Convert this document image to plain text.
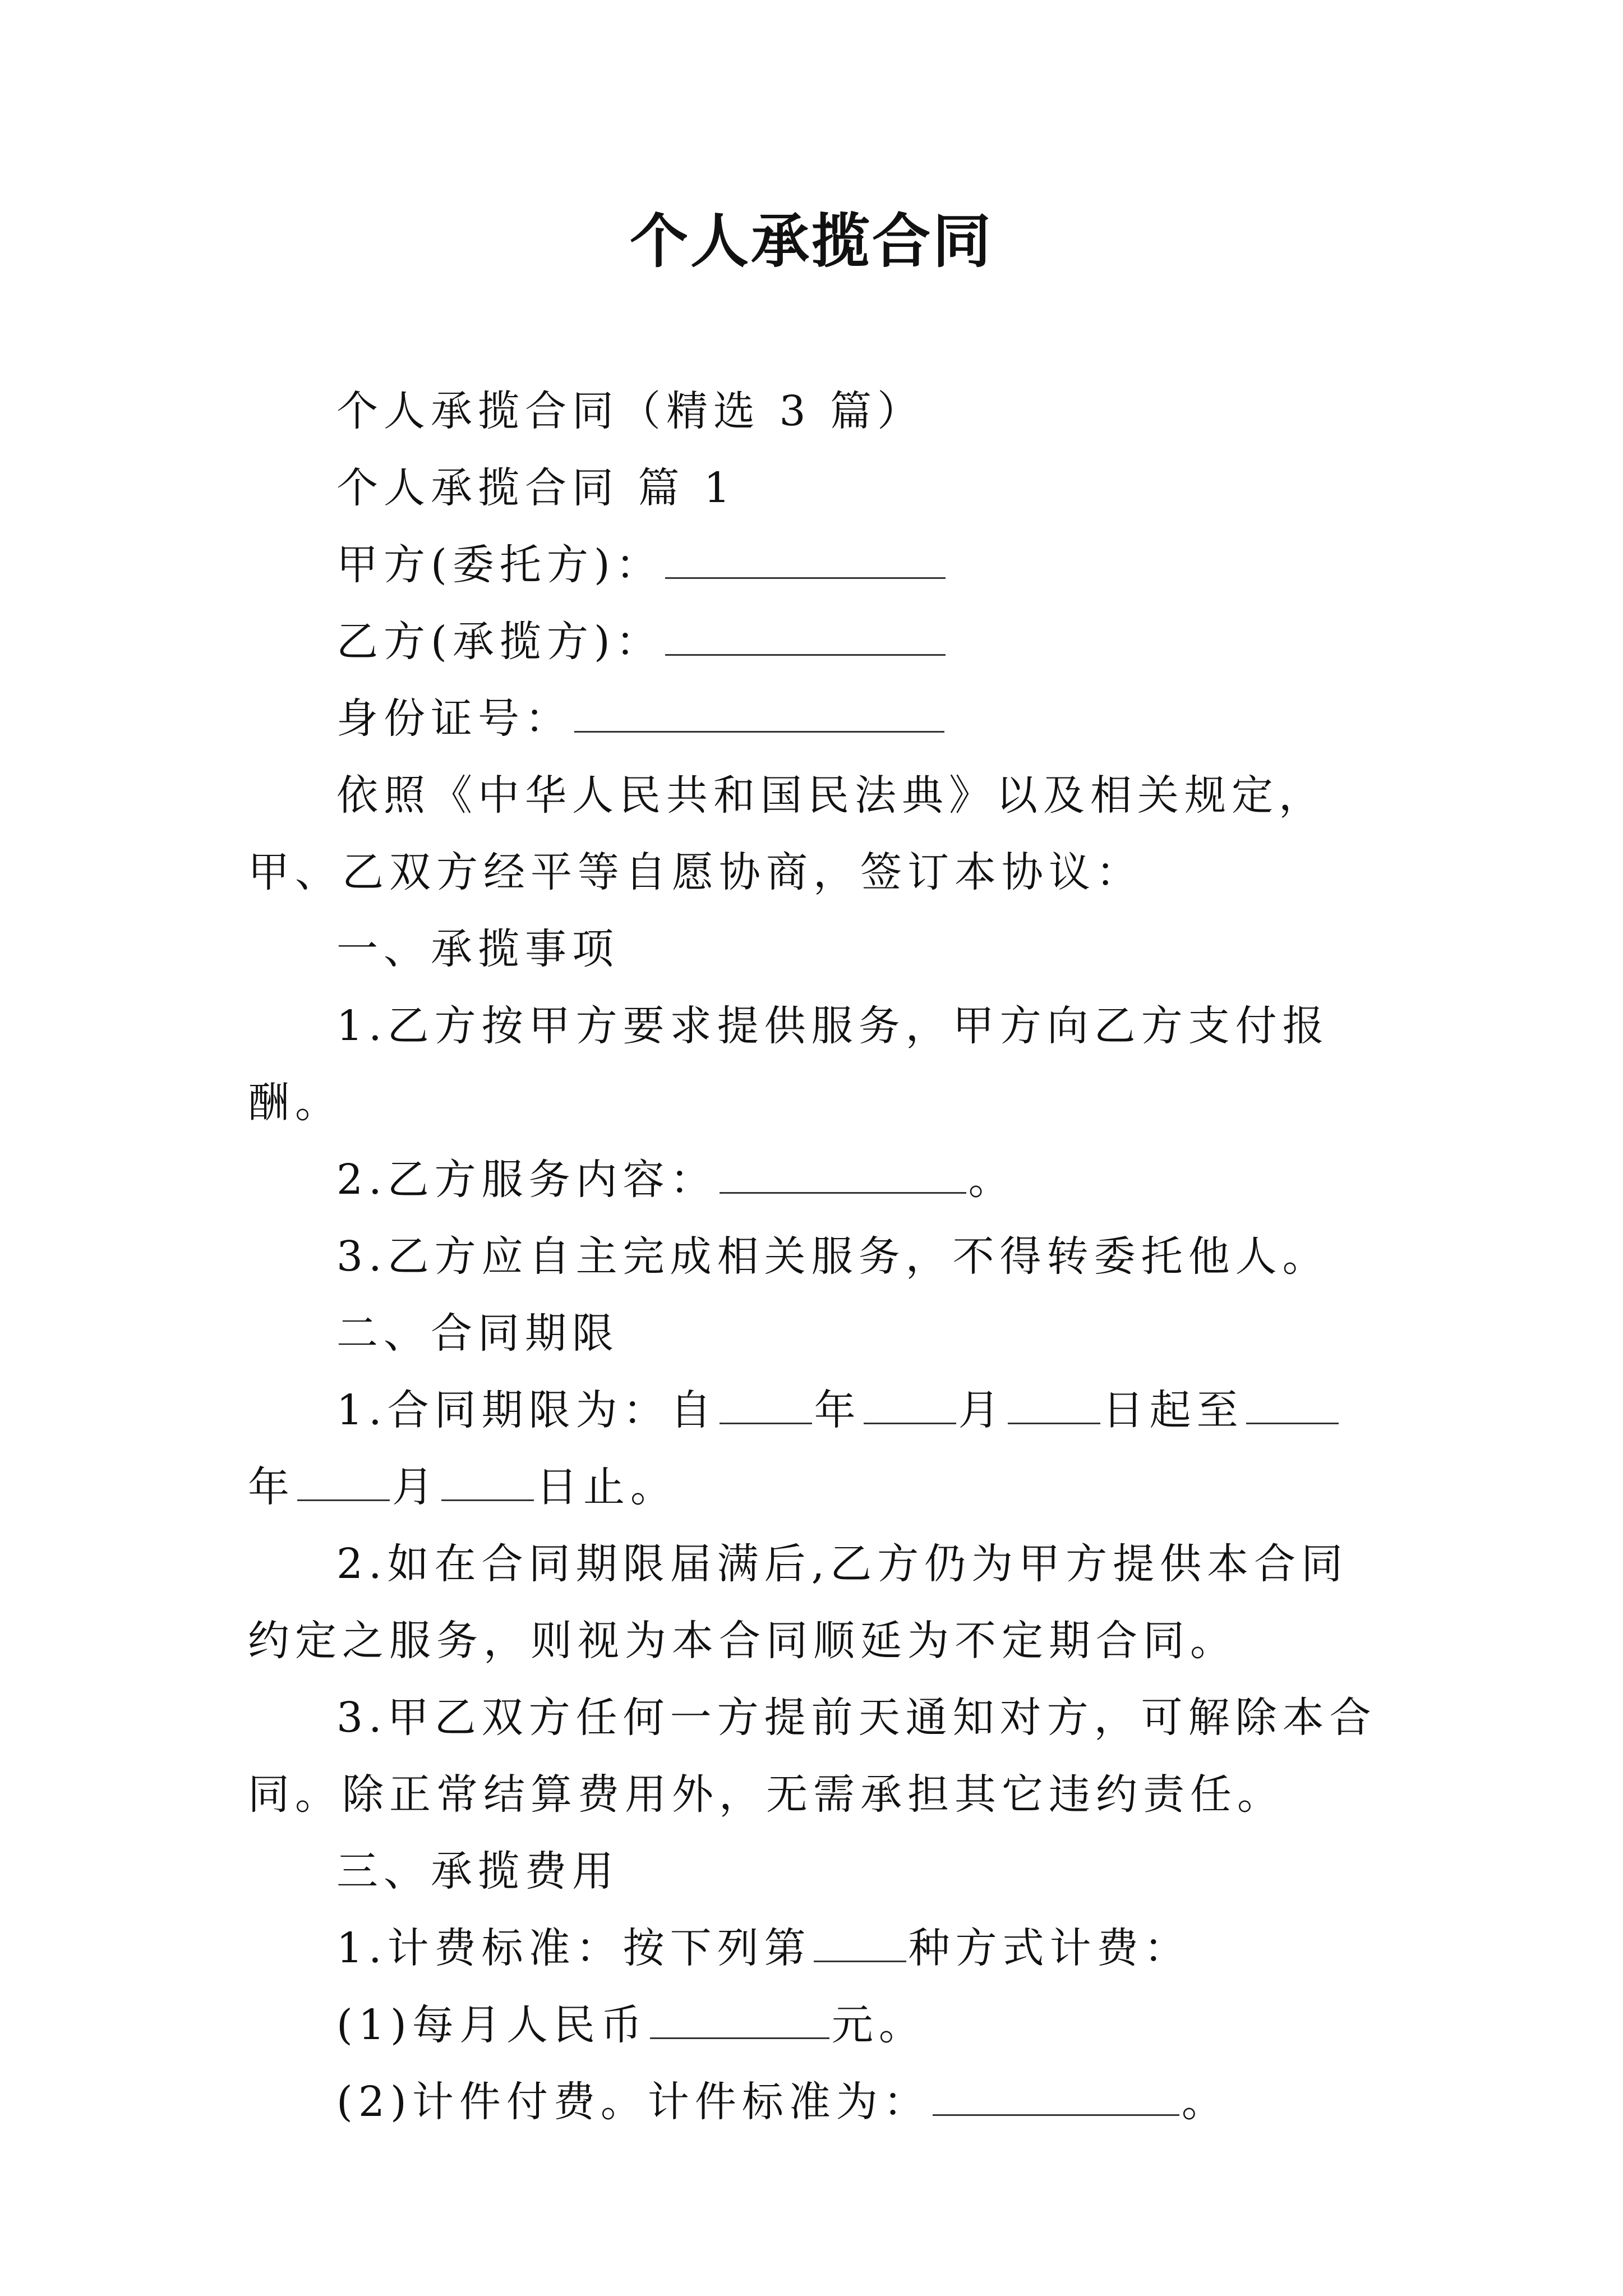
个人承揽合同

个人承揽合同（精选 3 篇）

个人承揽合同 篇 1

甲方(委托方)：

乙方(承揽方)：

身份证号：

依照《中华人民共和国民法典》以及相关规定，甲、乙双方经平等自愿协商，签订本协议：

一、承揽事项

1.乙方按甲方要求提供服务，甲方向乙方支付报酬。

2.乙方服务内容：	。

3.乙方应自主完成相关服务，不得转委托他人。

二、合同期限

1.合同期限为：自 年 月 日起至年 月 日止。

2.如在合同期限届满后,乙方仍为甲方提供本合同约定之服务，则视为本合同顺延为不定期合同。

3.甲乙双方任何一方提前天通知对方，可解除本合同。除正常结算费用外，无需承担其它违约责任。

三、承揽费用

1.计费标准：按下列第 种方式计费：

(1)每月人民币	元。

(2)计件付费。计件标准为：	。
